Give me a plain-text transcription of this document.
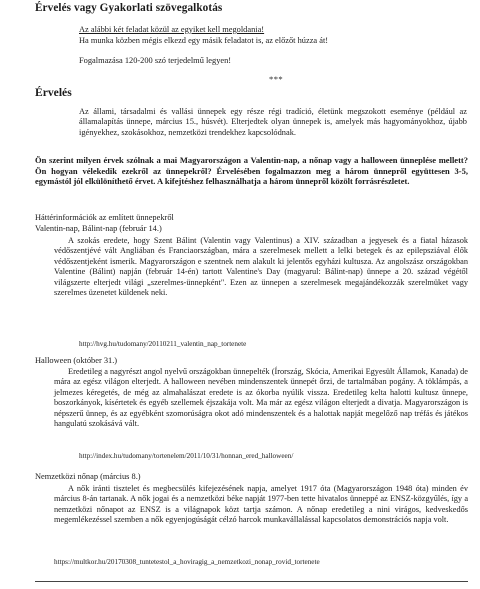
Érvelés vagy Gyakorlati szövegalkotás
Az alábbi két feladat közül az egyiket kell megoldania!
Ha munka közben mégis elkezd egy másik feladatot is, az előzőt húzza át!
Fogalmazása 120-200 szó terjedelmű legyen!
***
Érvelés
Az állami, társadalmi és vallási ünnepek egy része régi tradíció, életünk megszokott eseménye (például az államalapítás ünnepe, március 15., húsvét). Elterjedtek olyan ünnepek is, amelyek más hagyományokhoz, újabb igényekhez, szokásokhoz, nemzetközi trendekhez kapcsolódnak.
Ön szerint milyen érvek szólnak a mai Magyarországon a Valentin-nap, a nőnap vagy a halloween ünneplése mellett? Ön hogyan vélekedik ezekről az ünnepekről? Érvelésében fogalmazzon meg a három ünnepről együttesen 3-5, egymástól jól elkülöníthető érvet. A kifejtéshez felhasználhatja a három ünnepről közölt forrásrészletet.
Háttérinformációk az említett ünnepekről
Valentin-nap, Bálint-nap (február 14.)

A szokás eredete, hogy Szent Bálint (Valentin vagy Valentinus) a XIV. században a jegyesek és a fiatal házasok védőszentjévé vált Angliában és Franciaországban, mára a szerelmesek mellett a lelki betegek és az epilepsziával élők védőszentjeként ismerik. Magyarországon e szentnek nem alakult ki jelentős egyházi kultusza. Az angolszász országokban Valentine (Bálint) napján (február 14-én) tartott Valentine's Day (magyarul: Bálint-nap) ünnepe a 20. század végétől világszerte elterjedt világi „szerelmes-ünnepként". Ezen az ünnepen a szerelmesek megajándékozzák szerelmüket vagy szerelmes üzenetet küldenek neki.

http://hvg.hu/tudomany/20110211_valentin_nap_tortenete
Halloween (október 31.)

Eredetileg a nagyrészt angol nyelvű országokban ünnepelték (Írország, Skócia, Amerikai Egyesült Államok, Kanada) de mára az egész világon elterjedt. A halloween nevében mindenszentek ünnepét őrzi, de tartalmában pogány. A töklámpás, a jelmezes kéregetés, de még az almahalászat eredete is az ókorba nyúlik vissza. Eredetileg kelta halotti kultusz ünnepe, boszorkányok, kísértetek és egyéb szellemek éjszakája volt. Ma már az egész világon elterjedt a divatja. Magyarországon is népszerű ünnep, és az egyébként szomorúságra okot adó mindenszentek és a halottak napját megelőző nap tréfás és játékos hangulatú szokásává vált.

http://index.hu/tudomany/tortenelem/2011/10/31/honnan_ered_halloween/
Nemzetközi nőnap (március 8.)

A nők iránti tisztelet és megbecsülés kifejezésének napja, amelyet 1917 óta (Magyarországon 1948 óta) minden év március 8-án tartanak. A nők jogai és a nemzetközi béke napját 1977-ben tette hivatalos ünneppé az ENSZ-közgyűlés, így a nemzetközi nőnapot az ENSZ is a világnapok közt tartja számon. A nőnap eredetileg a nini virágos, kedveskedős megemlékezéssel szemben a nők egyenjogúságát célzó harcok munkavállalással kapcsolatos demonstrációs napja volt.

https://multkor.hu/20170308_tuntetestol_a_hoviragig_a_nemzetkozi_nonap_rovid_tortenete
